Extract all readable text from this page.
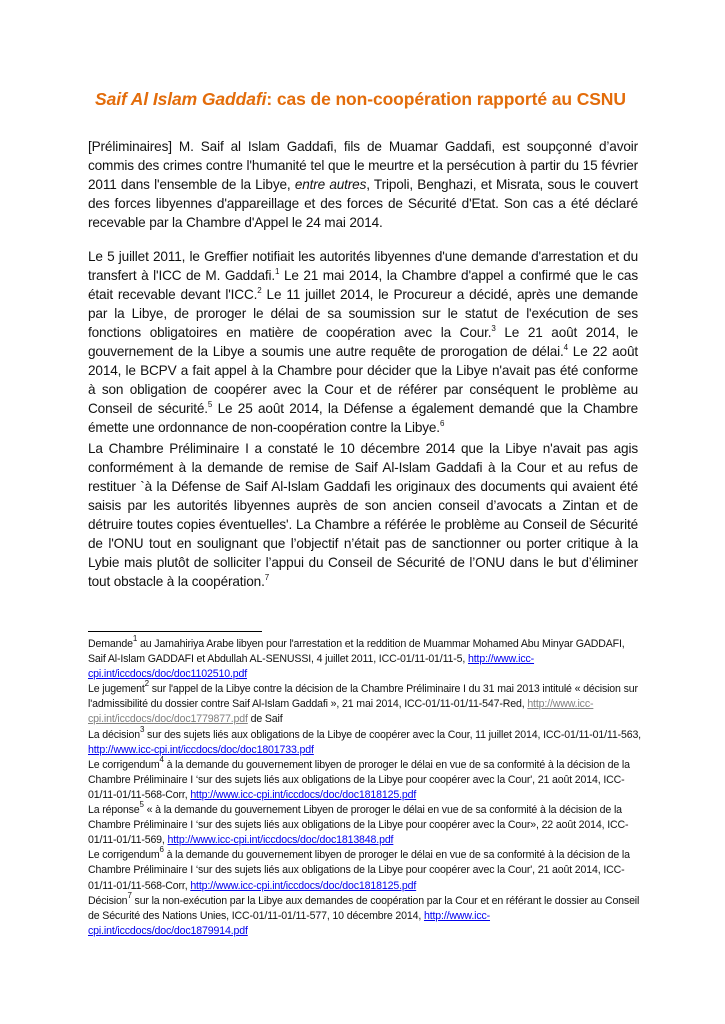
Saif Al Islam Gaddafi: cas de non-coopération rapporté au CSNU
[Préliminaires] M. Saif al Islam Gaddafi, fils de Muamar Gaddafi, est soupçonné d’avoir commis des crimes contre l'humanité tel que le meurtre et la persécution à partir du 15 février 2011 dans l'ensemble de la Libye, entre autres, Tripoli, Benghazi, et Misrata, sous le couvert des forces libyennes d'appareillage et des forces de Sécurité d'Etat. Son cas a été déclaré recevable par la Chambre d'Appel le 24 mai 2014.
Le 5 juillet 2011, le Greffier notifiait les autorités libyennes d'une demande d'arrestation et du transfert à l'ICC de M. Gaddafi.$^1$ Le 21 mai 2014, la Chambre d'appel a confirmé que le cas était recevable devant l'ICC.$^2$ Le 11 juillet 2014, le Procureur a décidé, après une demande par la Libye, de proroger le délai de sa soumission sur le statut de l'exécution de ses fonctions obligatoires en matière de coopération avec la Cour.$^3$ Le 21 août 2014, le gouvernement de la Libye a soumis une autre requête de prorogation de délai.$^4$ Le 22 août 2014, le BCPV a fait appel à la Chambre pour décider que la Libye n'avait pas été conforme à son obligation de coopérer avec la Cour et de référer par conséquent le problème au Conseil de sécurité.$^5$ Le 25 août 2014, la Défense a également demandé que la Chambre émette une ordonnance de non-coopération contre la Libye.$^6$
La Chambre Préliminaire I a constaté le 10 décembre 2014 que la Libye n'avait pas agis conformément à la demande de remise de Saif Al-Islam Gaddafi à la Cour et au refus de restituer `à la Défense de Saif Al-Islam Gaddafi les originaux des documents qui avaient été saisis par les autorités libyennes auprès de son ancien conseil d’avocats a Zintan et de détruire toutes copies éventuelles'. La Chambre a référée le problème au Conseil de Sécurité de l'ONU tout en soulignant que l’objectif n’était pas de sanctionner ou porter critique à la Lybie mais plutôt de solliciter l’appui du Conseil de Sécurité de l’ONU dans le but d’éliminer tout obstacle à la coopération.$^7$

Demande$^1$ au Jamahiriya Arabe libyen pour l'arrestation et la reddition de Muammar Mohamed Abu Minyar GADDAFI, Saif Al-Islam GADDAFI et Abdullah AL-SENUSSI, 4 juillet 2011, ICC-01/11-01/11-5, http://www.icc-cpi.int/iccdocs/doc/doc1102510.pdf

Le jugement$^2$ sur l'appel de la Libye contre la décision de la Chambre Préliminaire I du 31 mai 2013 intitulé « décision sur l'admissibilité du dossier contre Saif Al-Islam Gaddafi », 21 mai 2014, ICC-01/11-01/11-547-Red, http://www.icc-cpi.int/iccdocs/doc/doc1779877.pdf de Saif

La décision$^3$ sur des sujets liés aux obligations de la Libye de coopérer avec la Cour, 11 juillet 2014, ICC-01/11-01/11-563, http://www.icc-cpi.int/iccdocs/doc/doc1801733.pdf

Le corrigendum$^4$ à la demande du gouvernement libyen de proroger le délai en vue de sa conformité à la décision de la Chambre Préliminaire I ‘sur des sujets liés aux obligations de la Libye pour coopérer avec la Cour', 21 août 2014, ICC-01/11-01/11-568-Corr, http://www.icc-cpi.int/iccdocs/doc/doc1818125.pdf

La réponse$^5$ « à la demande du gouvernement Libyen de proroger le délai en vue de sa conformité à la décision de la Chambre Préliminaire I ‘sur des sujets liés aux obligations de la Libye pour coopérer avec la Cour», 22 août 2014, ICC-01/11-01/11-569, http://www.icc-cpi.int/iccdocs/doc/doc1813848.pdf

Le corrigendum$^6$ à la demande du gouvernement libyen de proroger le délai en vue de sa conformité à la décision de la Chambre Préliminaire I ‘sur des sujets liés aux obligations de la Libye pour coopérer avec la Cour', 21 août 2014, ICC-01/11-01/11-568-Corr, http://www.icc-cpi.int/iccdocs/doc/doc1818125.pdf

Décision$^7$ sur la non-exécution par la Libye aux demandes de coopération par la Cour et en référant le dossier au Conseil de Sécurité des Nations Unies, ICC-01/11-01/11-577, 10 décembre 2014, http://www.icc-cpi.int/iccdocs/doc/doc1879914.pdf
